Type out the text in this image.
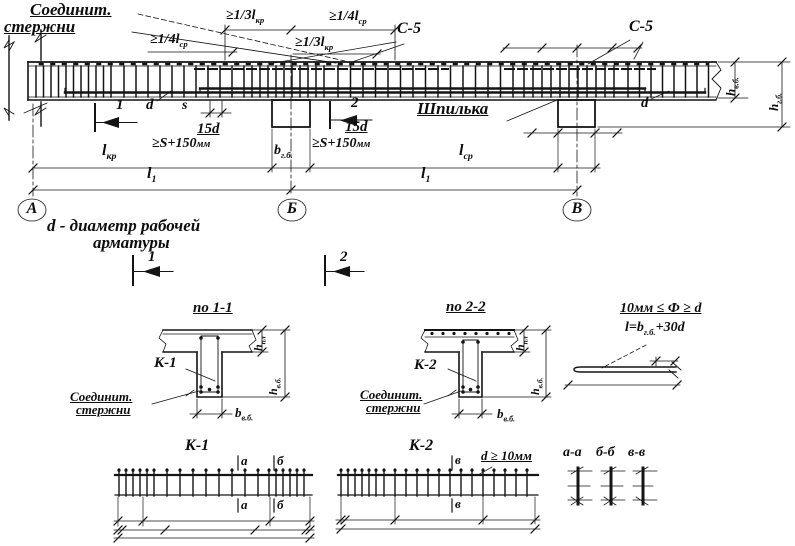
Соединит.
стержни
$\ge 1/3l_{кр}$	$\ge 1/4l_{ср}$
$\ge 1/4l_{ср}$	$\ge 1/3l_{кр}$
С-5	С-5
1 d s
15d
≥S+150мм
2
15d
≥S+150мм
Шпилька	d
$h_{в.б.}$
$h_{г.б.}$
$l_{кр}$	$b_{г.б.}$	$l_{ср}$
$l_1$	$l_1$
А	Б	В
d - диаметр рабочей
арматуры
1	2
по 1-1
К-1
Соединит.
стержни
$h_{пл}$
$h_{в.б.}$
$b_{в.б.}$
по 2-2
К-2
Соединит.
стержни
$h_{пл}$
$h_{в.б.}$
$b_{в.б.}$
10мм ≤ Ф ≥ d
$l=b_{г.б.}+30d$
К-1
а б
а б
К-2
в
в
d ≥ 10мм а-а б-б в-в
